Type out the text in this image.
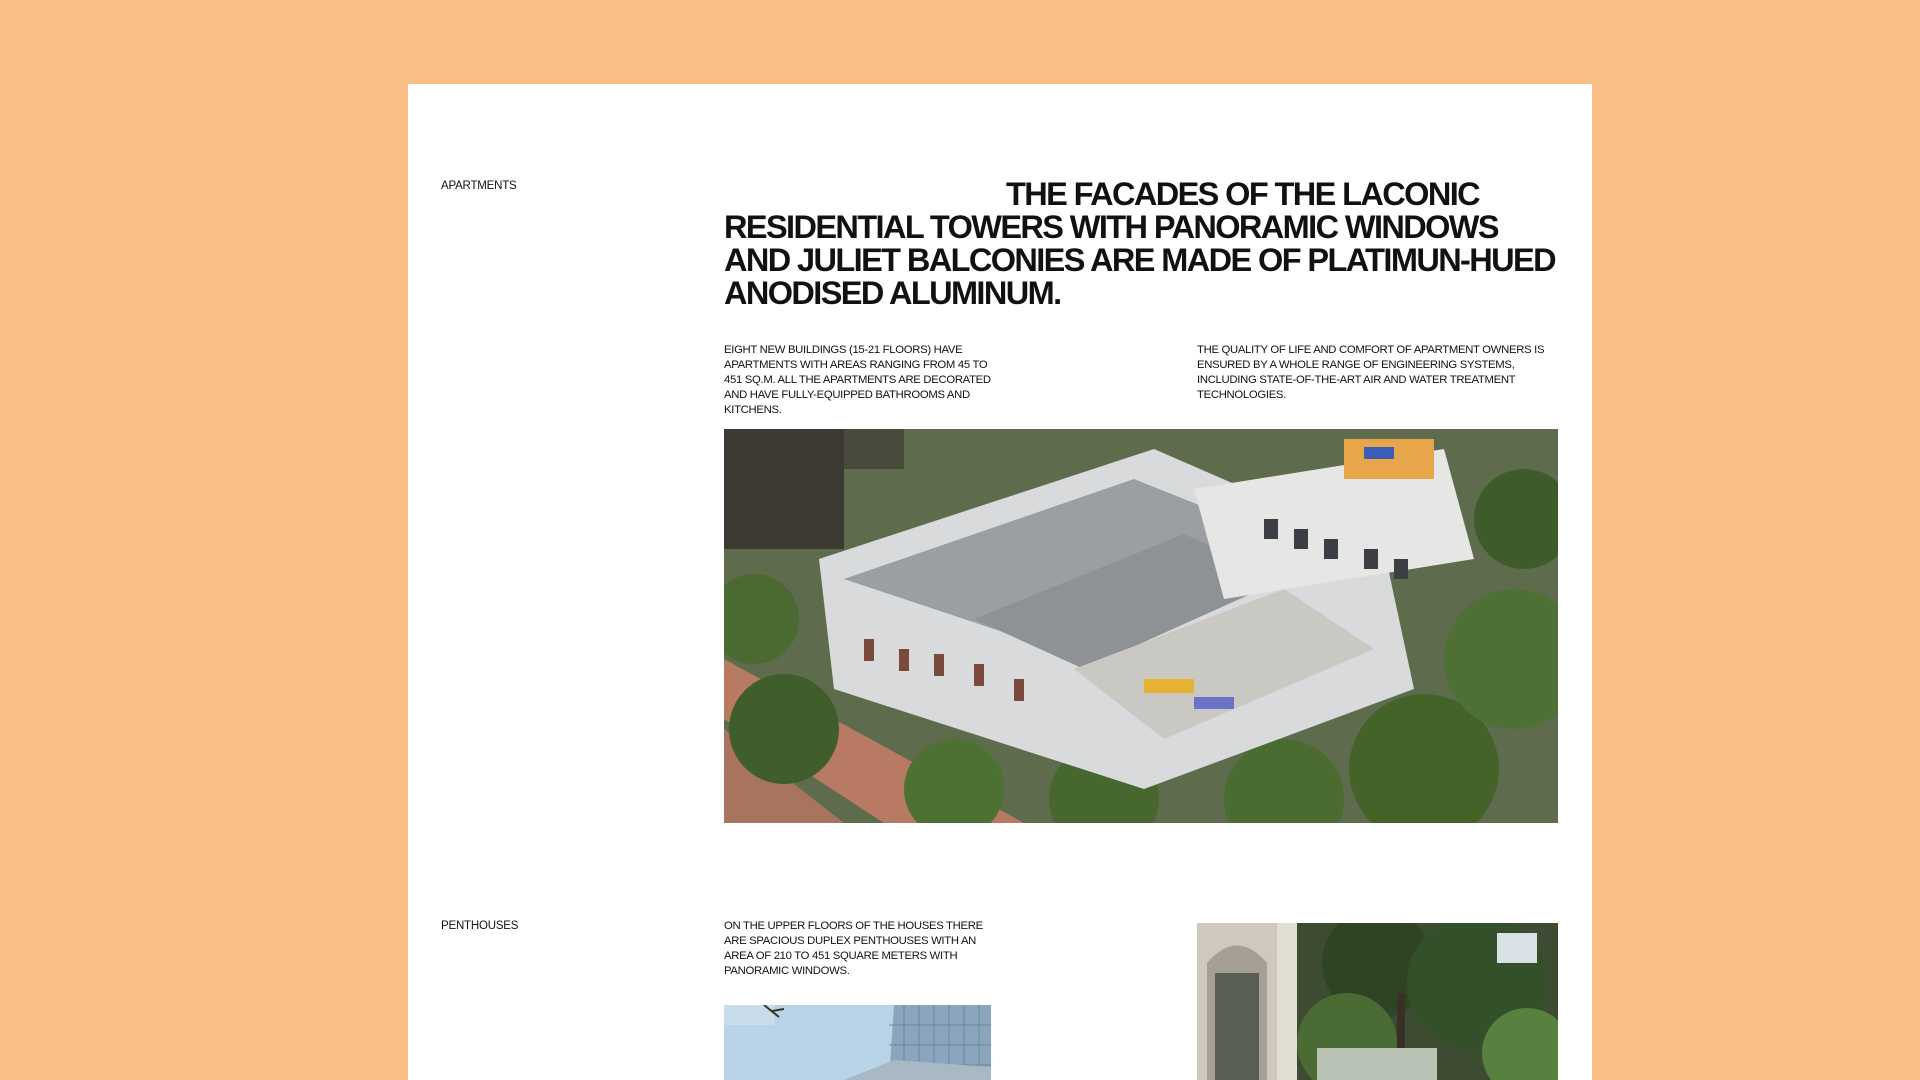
APARTMENTS	THE FACADES OF THE LACONIC RESIDENTIAL TOWERS WITH PANORAMIC WINDOWS AND JULIET BALCONIES ARE MADE OF PLATIMUN-HUED ANODISED ALUMINUM.

EIGHT NEW BUILDINGS (15-21 FLOORS) HAVE APARTMENTS WITH AREAS RANGING FROM 45 TO 451 SQ.M. ALL THE APARTMENTS ARE DECORATED AND HAVE FULLY-EQUIPPED BATHROOMS AND KITCHENS.

THE QUALITY OF LIFE AND COMFORT OF APARTMENT OWNERS IS ENSURED BY A WHOLE RANGE OF ENGINEERING SYSTEMS, INCLUDING STATE-OF-THE-ART AIR AND WATER TREATMENT TECHNOLOGIES.

PENTHOUSES	ON THE UPPER FLOORS OF THE HOUSES THERE ARE SPACIOUS DUPLEX PENTHOUSES WITH AN AREA OF 210 TO 451 SQUARE METERS WITH PANORAMIC WINDOWS.
